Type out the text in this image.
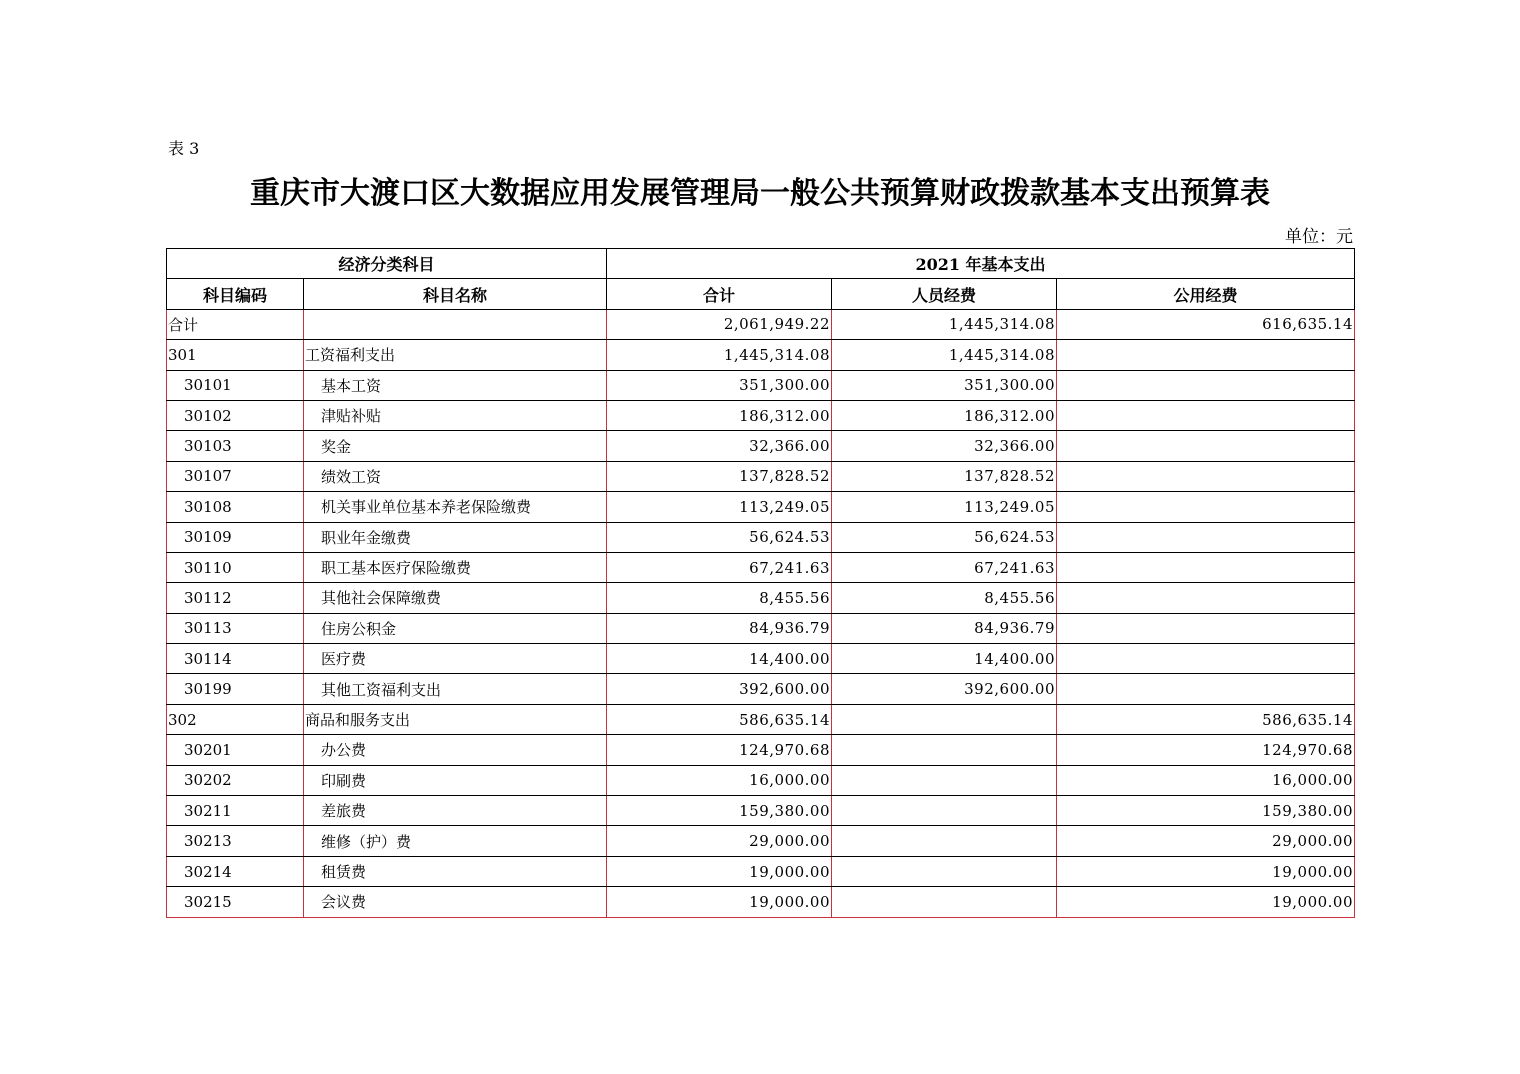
表 3
重庆市大渡口区大数据应用发展管理局一般公共预算财政拨款基本支出预算表
单位：元
经济分类科目		2021 年基本支出		
科目编码	科目名称	合计	人员经费	公用经费
合计		2,061,949.22	1,445,314.08	616,635.14
301	工资福利支出	1,445,314.08	1,445,314.08	
30101	基本工资	351,300.00	351,300.00	
30102	津贴补贴	186,312.00	186,312.00	
30103	奖金	32,366.00	32,366.00	
30107	绩效工资	137,828.52	137,828.52	
30108	机关事业单位基本养老保险缴费	113,249.05	113,249.05	
30109	职业年金缴费	56,624.53	56,624.53	
30110	职工基本医疗保险缴费	67,241.63	67,241.63	
30112	其他社会保障缴费	8,455.56	8,455.56	
30113	住房公积金	84,936.79	84,936.79	
30114	医疗费	14,400.00	14,400.00	
30199	其他工资福利支出	392,600.00	392,600.00	
302	商品和服务支出	586,635.14		586,635.14
30201	办公费	124,970.68		124,970.68
30202	印刷费	16,000.00		16,000.00
30211	差旅费	159,380.00		159,380.00
30213	维修（护）费	29,000.00		29,000.00
30214	租赁费	19,000.00		19,000.00
30215	会议费	19,000.00		19,000.00
